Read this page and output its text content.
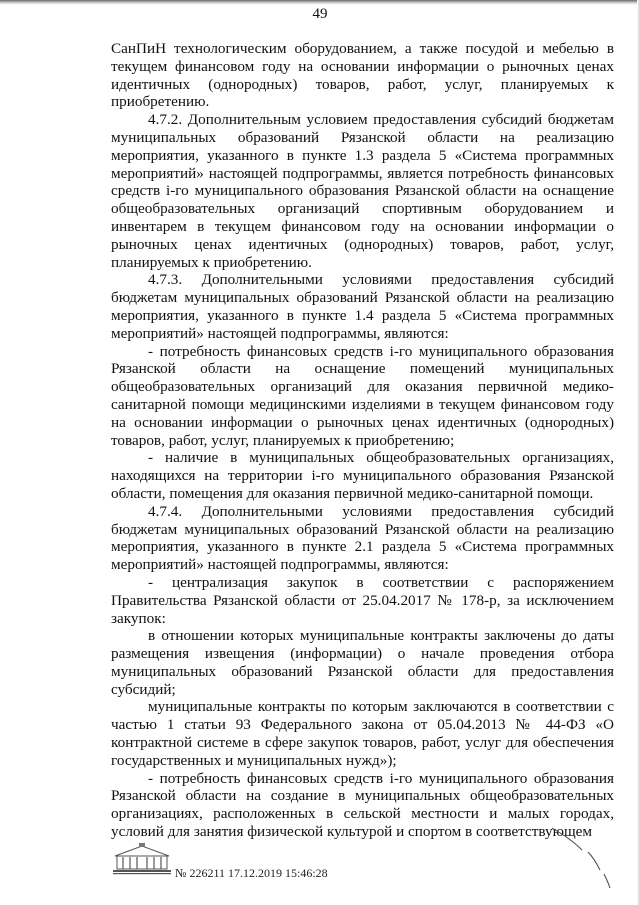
49

СанПиН технологическим оборудованием, а также посудой и мебелью в текущем финансовом году на основании информации о рыночных ценах идентичных (однородных) товаров, работ, услуг, планируемых к приобретению.

4.7.2. Дополнительным условием предоставления субсидий бюджетам муниципальных образований Рязанской области на реализацию мероприятия, указанного в пункте 1.3 раздела 5 «Система программных мероприятий» настоящей подпрограммы, является потребность финансовых средств i-го муниципального образования Рязанской области на оснащение общеобразовательных организаций спортивным оборудованием и инвентарем в текущем финансовом году на основании информации о рыночных ценах идентичных (однородных) товаров, работ, услуг, планируемых к приобретению.

4.7.3. Дополнительными условиями предоставления субсидий бюджетам муниципальных образований Рязанской области на реализацию мероприятия, указанного в пункте 1.4 раздела 5 «Система программных мероприятий» настоящей подпрограммы, являются:

- потребность финансовых средств i-го муниципального образования Рязанской области на оснащение помещений муниципальных общеобразовательных организаций для оказания первичной медико-санитарной помощи медицинскими изделиями в текущем финансовом году на основании информации о рыночных ценах идентичных (однородных) товаров, работ, услуг, планируемых к приобретению;

- наличие в муниципальных общеобразовательных организациях, находящихся на территории i-го муниципального образования Рязанской области, помещения для оказания первичной медико-санитарной помощи.

4.7.4. Дополнительными условиями предоставления субсидий бюджетам муниципальных образований Рязанской области на реализацию мероприятия, указанного в пункте 2.1 раздела 5 «Система программных мероприятий» настоящей подпрограммы, являются:

- централизация закупок в соответствии с распоряжением Правительства Рязанской области от 25.04.2017 № 178-р, за исключением закупок:

в отношении которых муниципальные контракты заключены до даты размещения извещения (информации) о начале проведения отбора муниципальных образований Рязанской области для предоставления субсидий;

муниципальные контракты по которым заключаются в соответствии с частью 1 статьи 93 Федерального закона от 05.04.2013 № 44-ФЗ «О контрактной системе в сфере закупок товаров, работ, услуг для обеспечения государственных и муниципальных нужд»);

- потребность финансовых средств i-го муниципального образования Рязанской области на создание в муниципальных общеобразовательных организациях, расположенных в сельской местности и малых городах, условий для занятия физической культурой и спортом в соответствующем

№ 226211 17.12.2019 15:46:28
